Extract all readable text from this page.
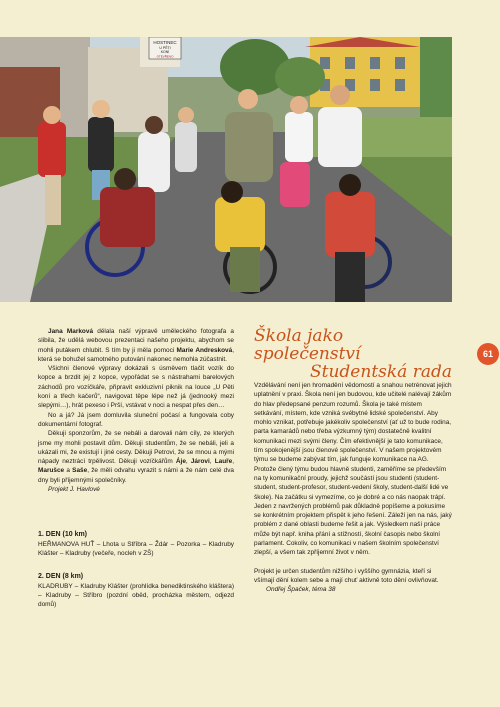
HOSTINEC
U PĚTI
KONÍ
OTEVŘENO

Jana Marková dělala naší výpravě uměleckého fotografa a slibila, že udělá webovou prezentaci našeho projektu, abychom se mohli putákem chlubit. S tím by ji měla pomoci Marie Andresková, která se bohužel samotného putování nakonec nemohla zúčastnit.

Všichni členové výpravy dokázali s úsměvem tlačit vozík do kopce a brzdit jej z kopce, vypořádat se s nástrahami barelových záchodů pro vozíčkáře, připravit exkluzivní piknik na louce „U Pěti koní a třech kačerů“, navigovat těpe lépe než já (jednooký mezi slepými…), hrát pexeso i Prší, vstávat v noci a nespat přes den…

No a já? Já jsem domluvila sluneční počasí a fungovala coby dokumentární fotograf.

Děkuji sponzorům, že se nebáli a darovali nám cíly, ze kterých jsme my mohli postavit dům. Děkuji studentům, že se nebáli, jeli a ukázali mi, že existují i jiné cesty. Děkuji Petrovi, že se mnou a mými nápady neztrácí trpělivost. Děkuji vozíčkářům Áje, Járovi, Lauře, Marušce a Sašе, že měli odvahu vyrazit s námi a že nám celé dva dny byli příjemnými společníky.

Projekt J. Havlové

1. DEN (10 km)

HEŘMANOVA HUŤ – Lhota u Stříbra – Ždár – Pozorka – Kladruby Klášter – Kladruby (večeře, nocleh v ZŠ)

2. DEN (8 km)

KLADRUBY – Kladruby Klášter (prohlídka benediktinského kláštera) – Kladruby – Stříbro (pozdní oběd, procházka městem, odjezd domů)

Škola jako společenství

Studentská rada

Vzdělávání není jen hromadění vědomostí a snahou netrénovat jejich uplatnění v praxi. Škola není jen budovou, kde učitelé nalévají žákům do hlav předepsané penzum rozumů. Škola je také místem setkávání, místem, kde vzniká svébytné lidské společenství. Aby mohlo vznikat, potřebuje jakékoliv společenství (ať už to bude rodina, parta kamarádů nebo třeba výzkumný tým) dostatečně kvalitní komunikaci mezi svými členy. Čím efektivnější je tato komunikace, tím spokojenější jsou členové společenství. V našem projektovém týmu se budeme zabývat tím, jak funguje komunikace na AG. Protože člený týmu budou hlavně studenti, zaměříme se především na ty komunikační proudy, jejichž součástí jsou studenti (student-student, student-profesor, student-vedení školy, student-další lidé ve škole). Na začátku si vymezíme, co je dobré a co nás naopak trápí. Jeden z navržených problémů pak důkladně popíšeme a pokusíme se konkrétním projektem přispět k jeho řešení. Záleží jen na nás, jaký problém z dané oblasti budeme řešit a jak. Výsledkem naší práce může být např. kniha přání a stížností, školní časopis nebo školní parlament. Cokoliv, co komunikaci v našem školním společenství zlepší, a všem tak zpříjemní život v něm.

Projekt je určen studentům nižšího i vyššího gymnázia, kteří si všímají dění kolem sebe a mají chuť aktivně toto dění ovlivňovat.

Ondřej Špaček, téma 38

61
